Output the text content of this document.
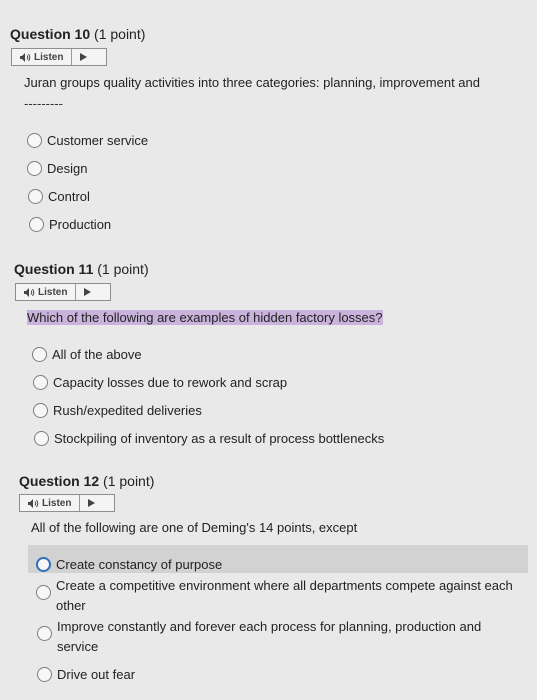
Question 10 (1 point)
Listen
Juran groups quality activities into three categories: planning, improvement and
---------
Customer service
Design
Control
Production
Question 11 (1 point)
Listen
Which of the following are examples of hidden factory losses?
All of the above
Capacity losses due to rework and scrap
Rush/expedited deliveries
Stockpiling of inventory as a result of process bottlenecks
Question 12 (1 point)
Listen
All of the following are one of Deming's 14 points, except
Create constancy of purpose
Create a competitive environment where all departments compete against each other
Improve constantly and forever each process for planning, production and service
Drive out fear
